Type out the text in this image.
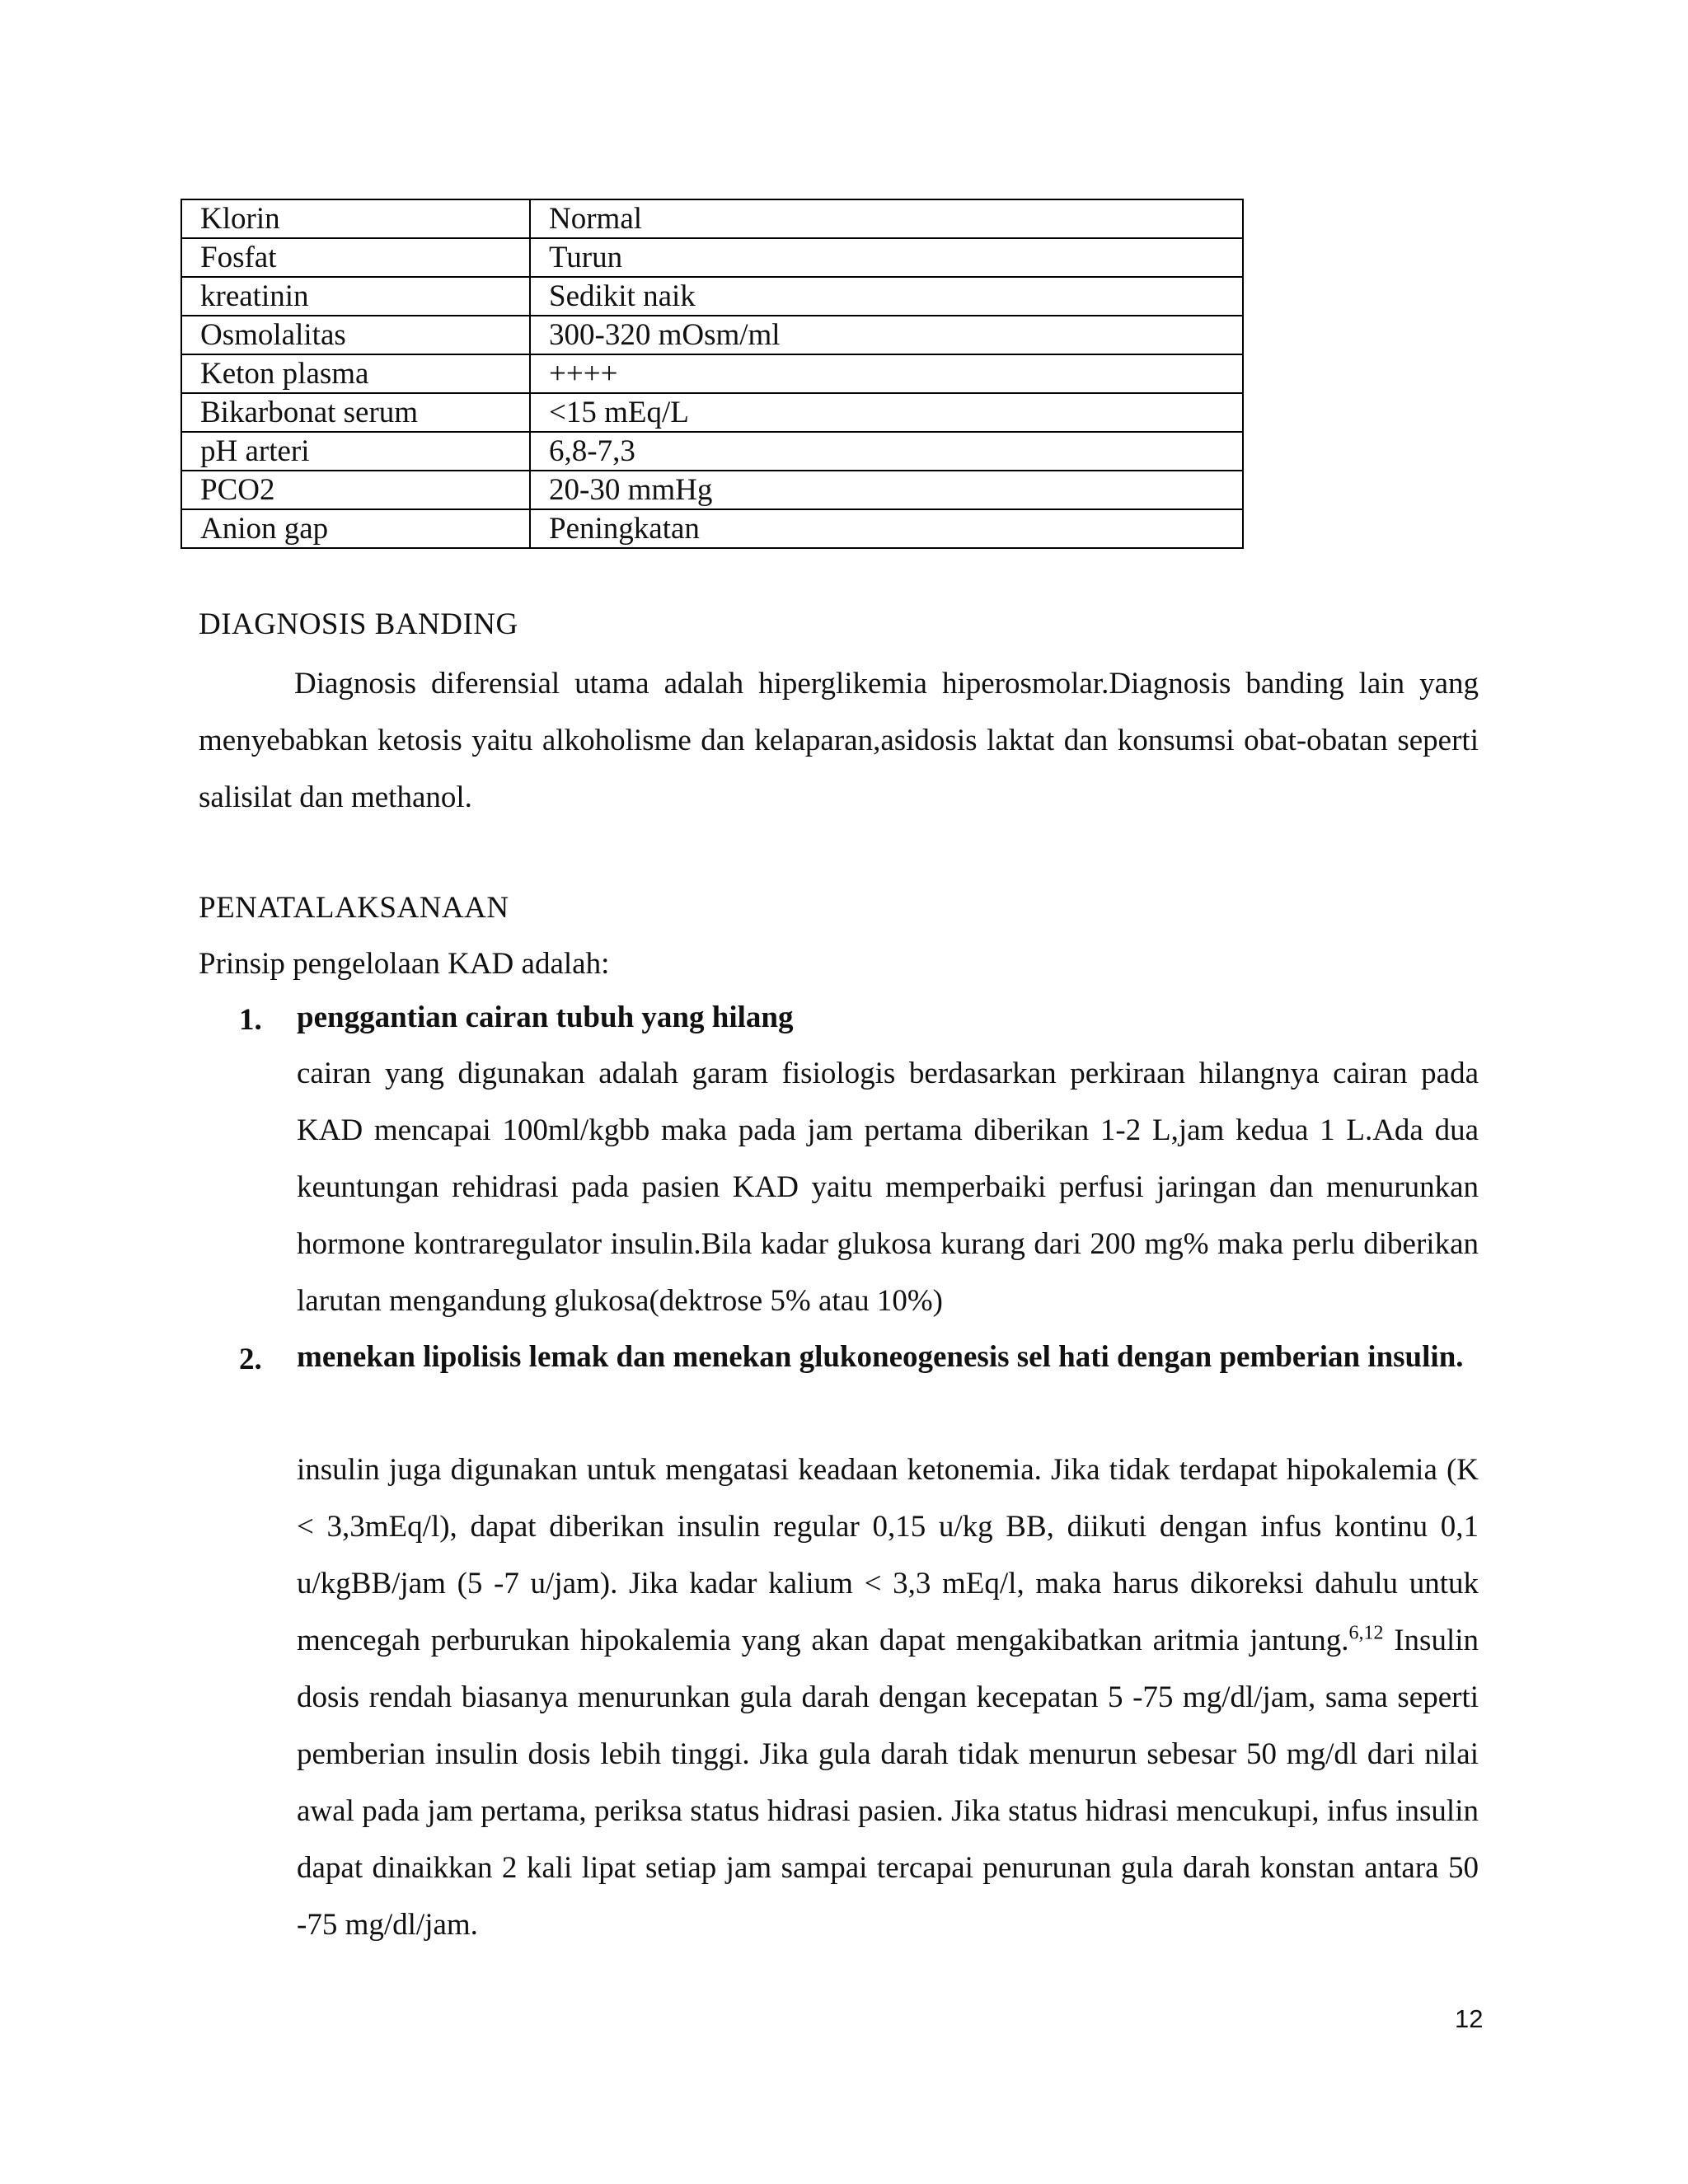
Klorin	Normal
Fosfat	Turun
kreatinin	Sedikit naik
Osmolalitas	300-320 mOsm/ml
Keton plasma	++++
Bikarbonat serum	<15 mEq/L
pH arteri	6,8-7,3
PCO2	20-30 mmHg
Anion gap	Peningkatan
DIAGNOSIS BANDING
Diagnosis diferensial utama adalah hiperglikemia hiperosmolar.Diagnosis banding lain yang menyebabkan ketosis yaitu alkoholisme dan kelaparan,asidosis laktat dan konsumsi obat-obatan seperti salisilat dan methanol.
PENATALAKSANAAN
Prinsip pengelolaan KAD adalah:
1. penggantian cairan tubuh yang hilang
cairan yang digunakan adalah garam fisiologis berdasarkan perkiraan hilangnya cairan pada KAD mencapai 100ml/kgbb maka pada jam pertama diberikan 1-2 L,jam kedua 1 L.Ada dua keuntungan rehidrasi pada pasien KAD yaitu memperbaiki perfusi jaringan dan menurunkan hormone kontraregulator insulin.Bila kadar glukosa kurang dari 200 mg% maka perlu diberikan larutan mengandung glukosa(dektrose 5% atau 10%)
2. menekan lipolisis lemak dan menekan glukoneogenesis sel hati dengan pemberian insulin.
insulin juga digunakan untuk mengatasi keadaan ketonemia. Jika tidak terdapat hipokalemia (K < 3,3mEq/l), dapat diberikan insulin regular 0,15 u/kg BB, diikuti dengan infus kontinu 0,1 u/kgBB/jam (5 -7 u/jam). Jika kadar kalium < 3,3 mEq/l, maka harus dikoreksi dahulu untuk mencegah perburukan hipokalemia yang akan dapat mengakibatkan aritmia jantung.$^{6,12}$ Insulin dosis rendah biasanya menurunkan gula darah dengan kecepatan 5 -75 mg/dl/jam, sama seperti pemberian insulin dosis lebih tinggi. Jika gula darah tidak menurun sebesar 50 mg/dl dari nilai awal pada jam pertama, periksa status hidrasi pasien. Jika status hidrasi mencukupi, infus insulin dapat dinaikkan 2 kali lipat setiap jam sampai tercapai penurunan gula darah konstan antara 50 -75 mg/dl/jam.
12
